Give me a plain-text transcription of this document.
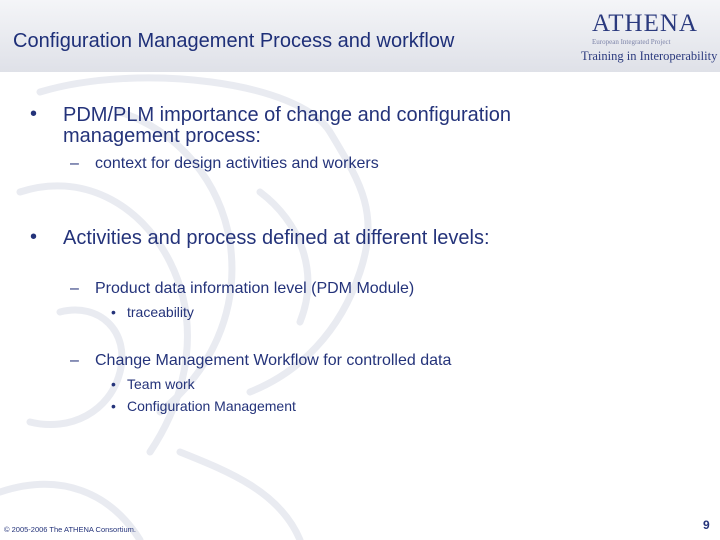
Configuration Management Process and workflow
ATHENA
European Integrated Project
Training in Interoperability
• PDM/PLM importance of change and configuration
management process:
– context for design activities and workers
• Activities and process defined at different levels:
– Product data information level (PDM Module)
• traceability
– Change Management Workflow for controlled data
• Team work
• Configuration Management
© 2005-2006 The ATHENA Consortium.	9
